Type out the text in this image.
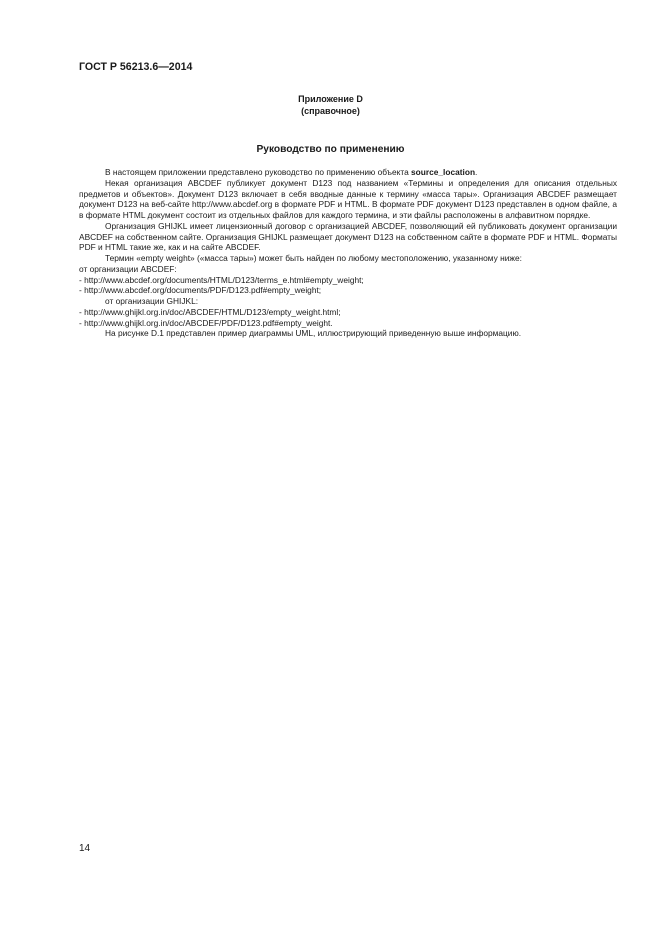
ГОСТ Р 56213.6—2014
Приложение D
(справочное)
Руководство по применению

В настоящем приложении представлено руководство по применению объекта source_location.

Некая организация ABCDEF публикует документ D123 под названием «Термины и определения для описания отдельных предметов и объектов». Документ D123 включает в себя вводные данные к термину «масса тары». Организация ABCDEF размещает документ D123 на веб-сайте http://www.abcdef.org в формате PDF и HTML. В формате PDF документ D123 представлен в одном файле, а в формате HTML документ состоит из отдельных файлов для каждого термина, и эти файлы расположены в алфавитном порядке.

Организация GHIJKL имеет лицензионный договор с организацией ABCDEF, позволяющий ей публиковать документ организации ABCDEF на собственном сайте. Организация GHIJKL размещает документ D123 на собственном сайте в формате PDF и HTML. Форматы PDF и HTML такие же, как и на сайте ABCDEF.

Термин «empty weight» («масса тары») может быть найден по любому местоположению, указанному ниже:

от организации ABCDEF:

- http://www.abcdef.org/documents/HTML/D123/terms_e.html#empty_weight;

- http://www.abcdef.org/documents/PDF/D123.pdf#empty_weight;

от организации GHIJKL:

- http://www.ghijkl.org.in/doc/ABCDEF/HTML/D123/empty_weight.html;

- http://www.ghijkl.org.in/doc/ABCDEF/PDF/D123.pdf#empty_weight.

На рисунке D.1 представлен пример диаграммы UML, иллюстрирующий приведенную выше информацию.

14
